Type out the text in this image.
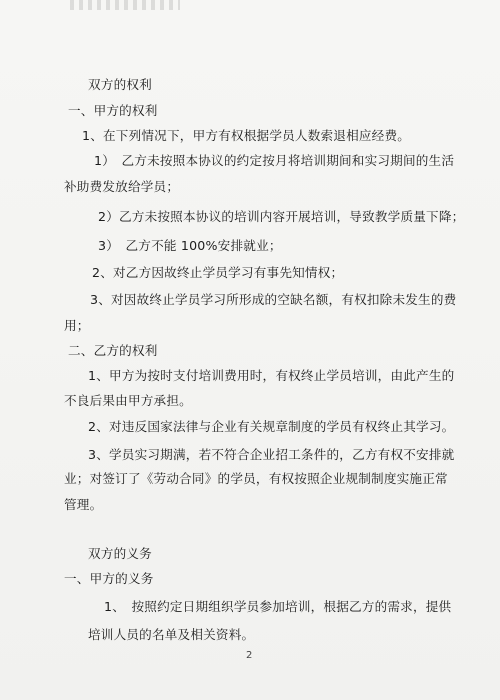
双方的权利
一、甲方的权利
1、在下列情况下，甲方有权根据学员人数索退相应经费。
1）　乙方未按照本协议的约定按月将培训期间和实习期间的生活
补助费发放给学员；
2）乙方未按照本协议的培训内容开展培训，导致教学质量下降；
3）　乙方不能 100%安排就业；
2、对乙方因故终止学员学习有事先知情权；
3、对因故终止学员学习所形成的空缺名额，有权扣除未发生的费
用；
二、乙方的权利
1、甲方为按时支付培训费用时，有权终止学员培训，由此产生的
不良后果由甲方承担。
2、对违反国家法律与企业有关规章制度的学员有权终止其学习。
3、学员实习期满，若不符合企业招工条件的，乙方有权不安排就
业；对签订了《劳动合同》的学员，有权按照企业规制制度实施正常
管理。
双方的义务
一、甲方的义务
1、　按照约定日期组织学员参加培训，根据乙方的需求，提供
培训人员的名单及相关资料。
2
